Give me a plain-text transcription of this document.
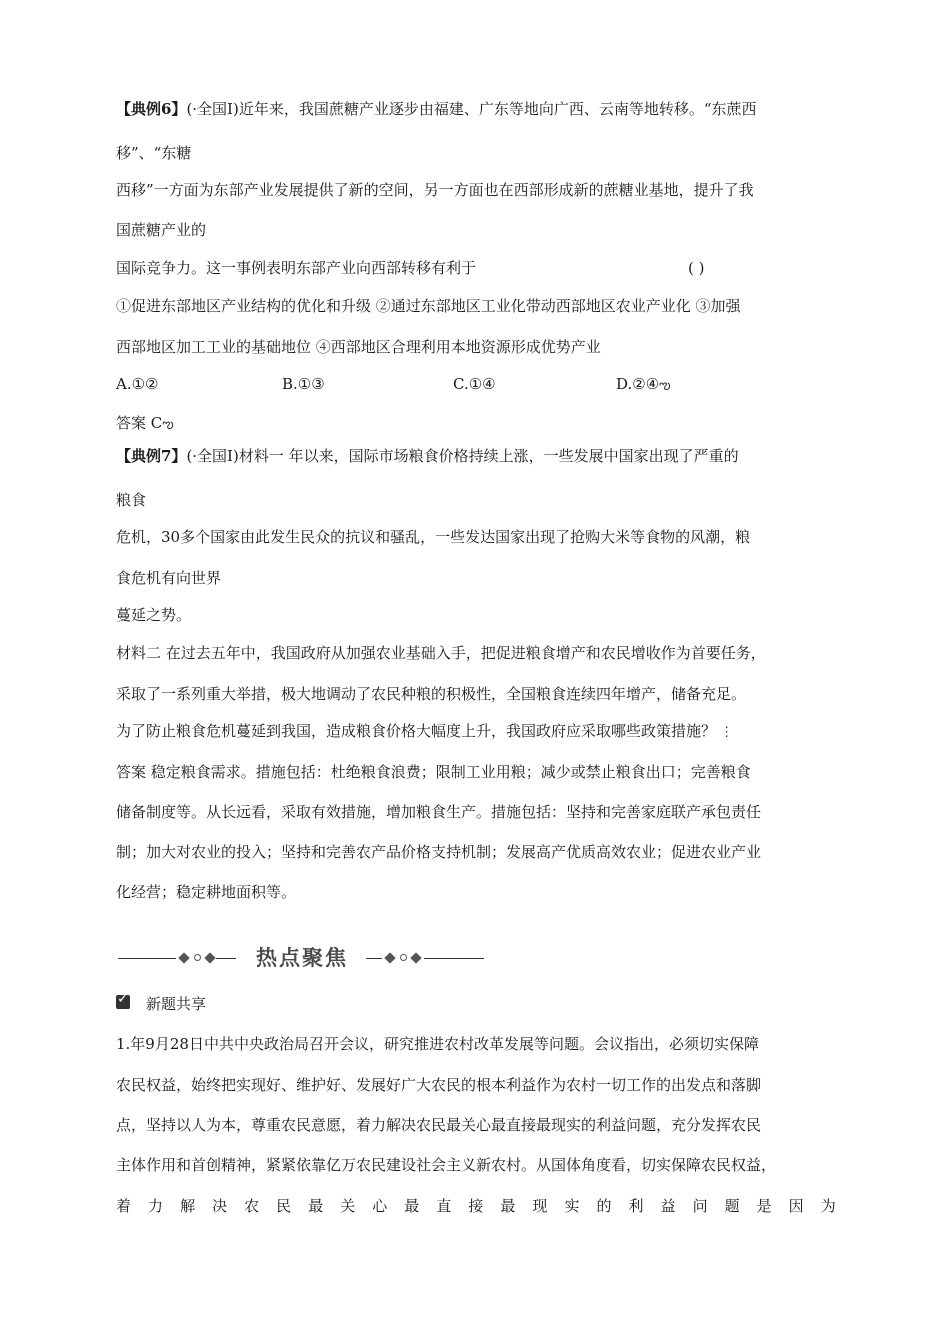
【典例6】(·全国Ⅰ)近年来，我国蔗糖产业逐步由福建、广东等地向广西、云南等地转移。“东蔗西
移”、“东糖
西移”一方面为东部产业发展提供了新的空间，另一方面也在西部形成新的蔗糖业基地，提升了我
国蔗糖产业的
国际竞争力。这一事例表明东部产业向西部转移有利于	( )
①促进东部地区产业结构的优化和升级 ②通过东部地区工业化带动西部地区农业产业化 ③加强
西部地区加工工业的基础地位 ④西部地区合理利用本地资源形成优势产业
A.①②	B.①③	C.①④	D.②④ఌ
答案 Cఌ
【典例7】(·全国Ⅰ)材料一 年以来，国际市场粮食价格持续上涨，一些发展中国家出现了严重的
粮食
危机，30多个国家由此发生民众的抗议和骚乱，一些发达国家出现了抢购大米等食物的风潮，粮
食危机有向世界
蔓延之势。
材料二 在过去五年中，我国政府从加强农业基础入手，把促进粮食增产和农民增收作为首要任务，
采取了一系列重大举措，极大地调动了农民种粮的积极性，全国粮食连续四年增产，储备充足。
为了防止粮食危机蔓延到我国，造成粮食价格大幅度上升，我国政府应采取哪些政策措施？ ⋮
答案 稳定粮食需求。措施包括：杜绝粮食浪费；限制工业用粮；减少或禁止粮食出口；完善粮食
储备制度等。从长远看，采取有效措施，增加粮食生产。措施包括：坚持和完善家庭联产承包责任
制；加大对农业的投入；坚持和完善农产品价格支持机制；发展高产优质高效农业；促进农业产业
化经营；稳定耕地面积等。
热点聚焦
✓ 新题共享
1.年9月28日中共中央政治局召开会议，研究推进农村改革发展等问题。会议指出，必须切实保障
农民权益，始终把实现好、维护好、发展好广大农民的根本利益作为农村一切工作的出发点和落脚
点，坚持以人为本，尊重农民意愿，着力解决农民最关心最直接最现实的利益问题，充分发挥农民
主体作用和首创精神，紧紧依靠亿万农民建设社会主义新农村。从国体角度看，切实保障农民权益，
着 力 解 决 农 民 最 关 心 最 直 接 最 现 实 的 利 益 问 题 是 因 为
